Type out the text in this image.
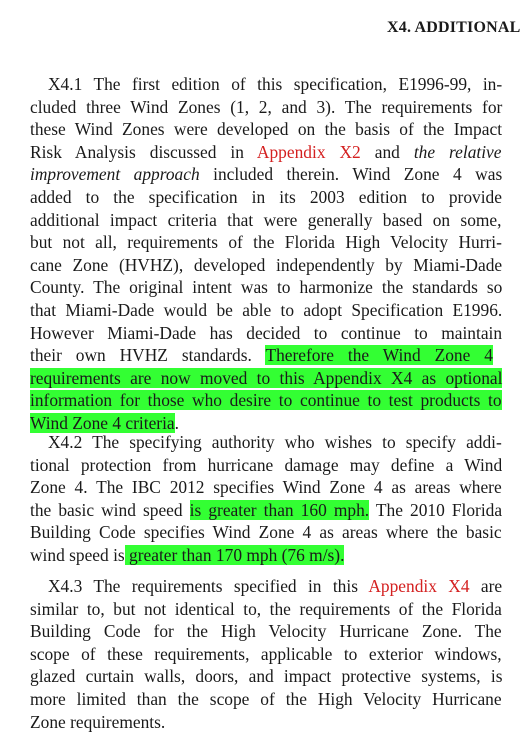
X4. ADDITIONAL
X4.1 The first edition of this specification, E1996-99, in-
cluded three Wind Zones (1, 2, and 3). The requirements for
these Wind Zones were developed on the basis of the Impact
Risk Analysis discussed in Appendix X2 and the relative
improvement approach included therein. Wind Zone 4 was
added to the specification in its 2003 edition to provide
additional impact criteria that were generally based on some,
but not all, requirements of the Florida High Velocity Hurri-
cane Zone (HVHZ), developed independently by Miami-Dade
County. The original intent was to harmonize the standards so
that Miami-Dade would be able to adopt Specification E1996.
However Miami-Dade has decided to continue to maintain
their own HVHZ standards. Therefore the Wind Zone 4
requirements are now moved to this Appendix X4 as optional
information for those who desire to continue to test products to
Wind Zone 4 criteria.
X4.2 The specifying authority who wishes to specify addi-
tional protection from hurricane damage may define a Wind
Zone 4. The IBC 2012 specifies Wind Zone 4 as areas where
the basic wind speed is greater than 160 mph. The 2010 Florida
Building Code specifies Wind Zone 4 as areas where the basic
wind speed is greater than 170 mph (76 m/s).
X4.3 The requirements specified in this Appendix X4 are
similar to, but not identical to, the requirements of the Florida
Building Code for the High Velocity Hurricane Zone. The
scope of these requirements, applicable to exterior windows,
glazed curtain walls, doors, and impact protective systems, is
more limited than the scope of the High Velocity Hurricane
Zone requirements.
